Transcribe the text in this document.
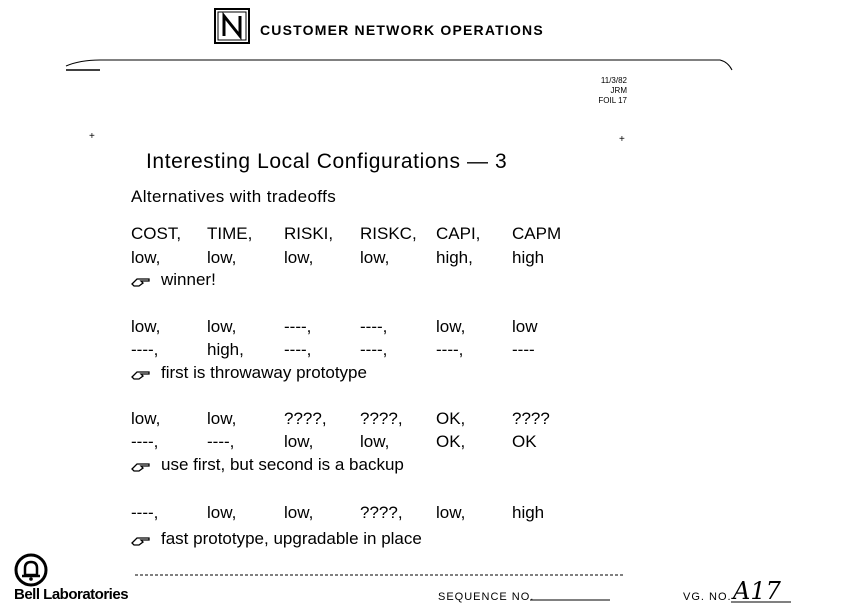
CUSTOMER NETWORK OPERATIONS
11/3/82
JRM
FOIL 17
+	+
Interesting Local Configurations — 3
Alternatives with tradeoffs
COST, TIME, RISKI, RISKC, CAPI, CAPM
low,	low,	low,	low,	high, high
winner!
low,	low,	----,	----,	low,	low
----,	high, ----,	----,	----,	----
first is throwaway prototype
low,	low,	????, ????, OK,	????
----,	----,	low,	low,	OK,	OK
use first, but second is a backup
----,	low,	low,	????, low,	high
fast prototype, upgradable in place
Bell Laboratories	SEQUENCE NO.	VG. NO. A17
